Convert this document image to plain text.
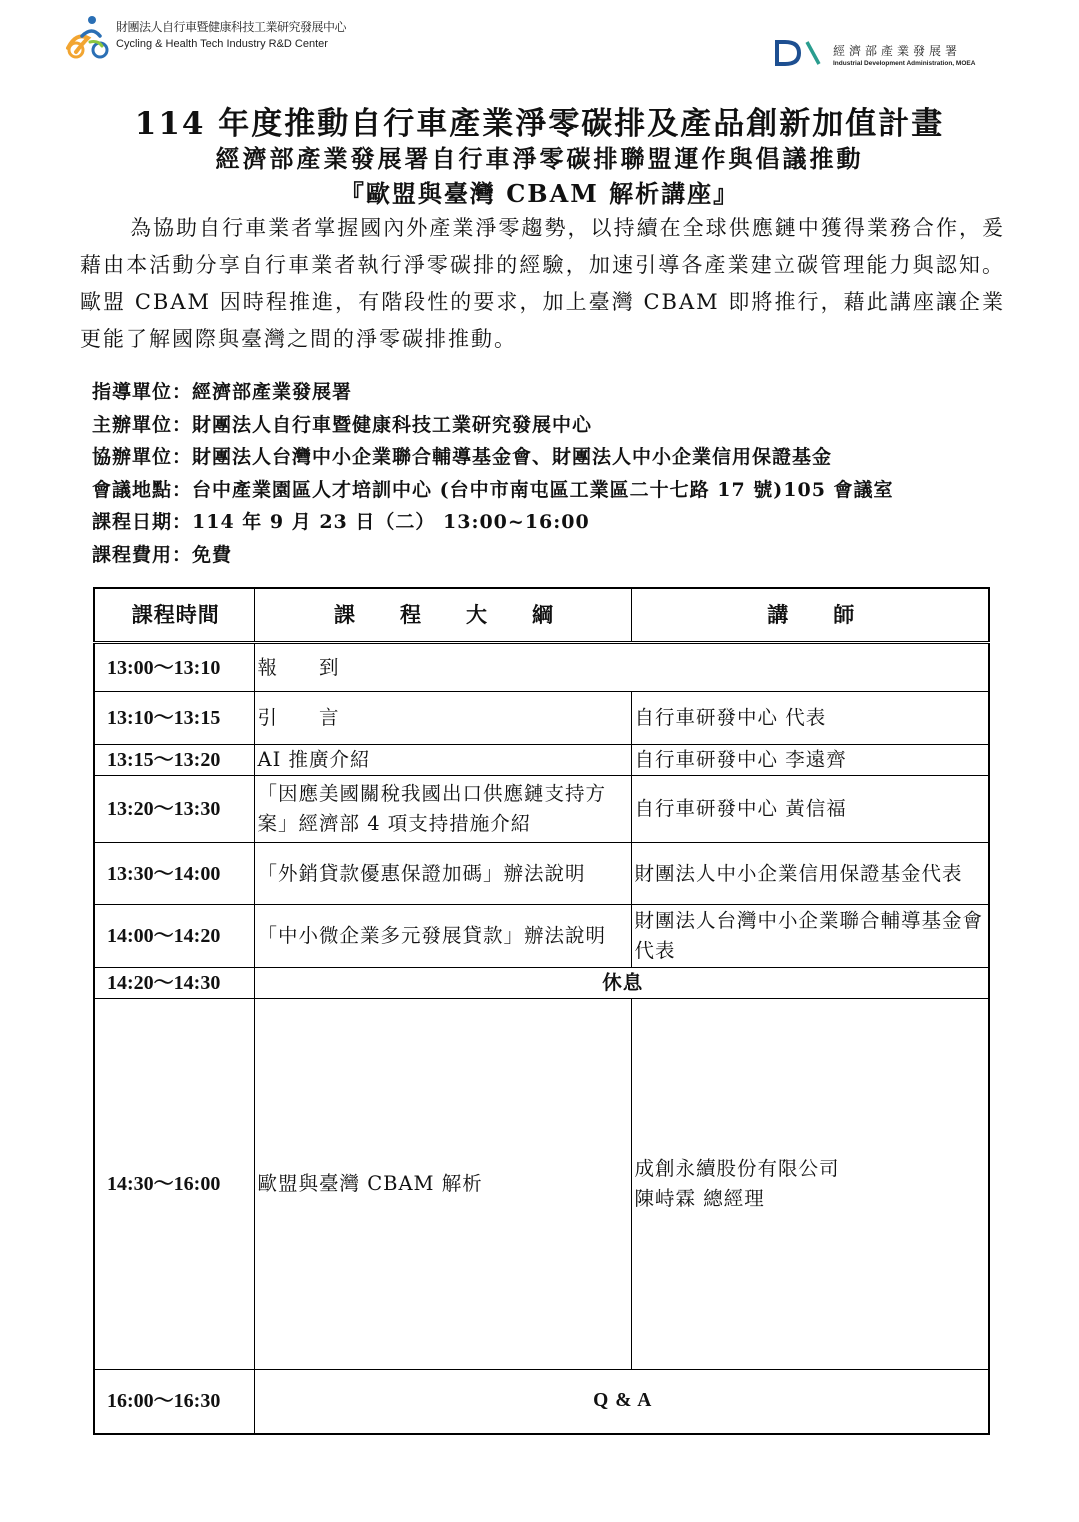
財團法人自行車暨健康科技工業研究發展中心
Cycling & Health Tech Industry R&D Center	經濟部產業發展署
Industrial Development Administration, MOEA
114 年度推動自行車產業淨零碳排及產品創新加值計畫
經濟部產業發展署自行車淨零碳排聯盟運作與倡議推動
『歐盟與臺灣 CBAM 解析講座』
為協助自行車業者掌握國內外產業淨零趨勢，以持續在全球供應鏈中獲得業務合作，爰藉由本活動分享自行車業者執行淨零碳排的經驗，加速引導各產業建立碳管理能力與認知。歐盟 CBAM 因時程推進，有階段性的要求，加上臺灣 CBAM 即將推行，藉此講座讓企業更能了解國際與臺灣之間的淨零碳排推動。
指導單位：經濟部產業發展署
主辦單位：財團法人自行車暨健康科技工業研究發展中心
協辦單位：財團法人台灣中小企業聯合輔導基金會、財團法人中小企業信用保證基金
會議地點：台中產業園區人才培訓中心 (台中市南屯區工業區二十七路 17 號)105 會議室
課程日期：114 年 9 月 23 日（二） 13:00~16:00
課程費用：免費
課程時間	課　　程　　大　　綱	講　　師
13:00～13:10	報　　到	
13:10～13:15	引　　言	自行車研發中心 代表
13:15～13:20	AI 推廣介紹	自行車研發中心 李遠齊
13:20～13:30	「因應美國關稅我國出口供應鏈支持方案」經濟部 4 項支持措施介紹	自行車研發中心 黃信福
13:30～14:00	「外銷貸款優惠保證加碼」辦法說明	財團法人中小企業信用保證基金代表
14:00～14:20	「中小微企業多元發展貸款」辦法說明	財團法人台灣中小企業聯合輔導基金會 代表
14:20～14:30	休息	
14:30～16:00	歐盟與臺灣 CBAM 解析	成創永續股份有限公司
陳峙霖 總經理

16:00～16:30	Q & A	
